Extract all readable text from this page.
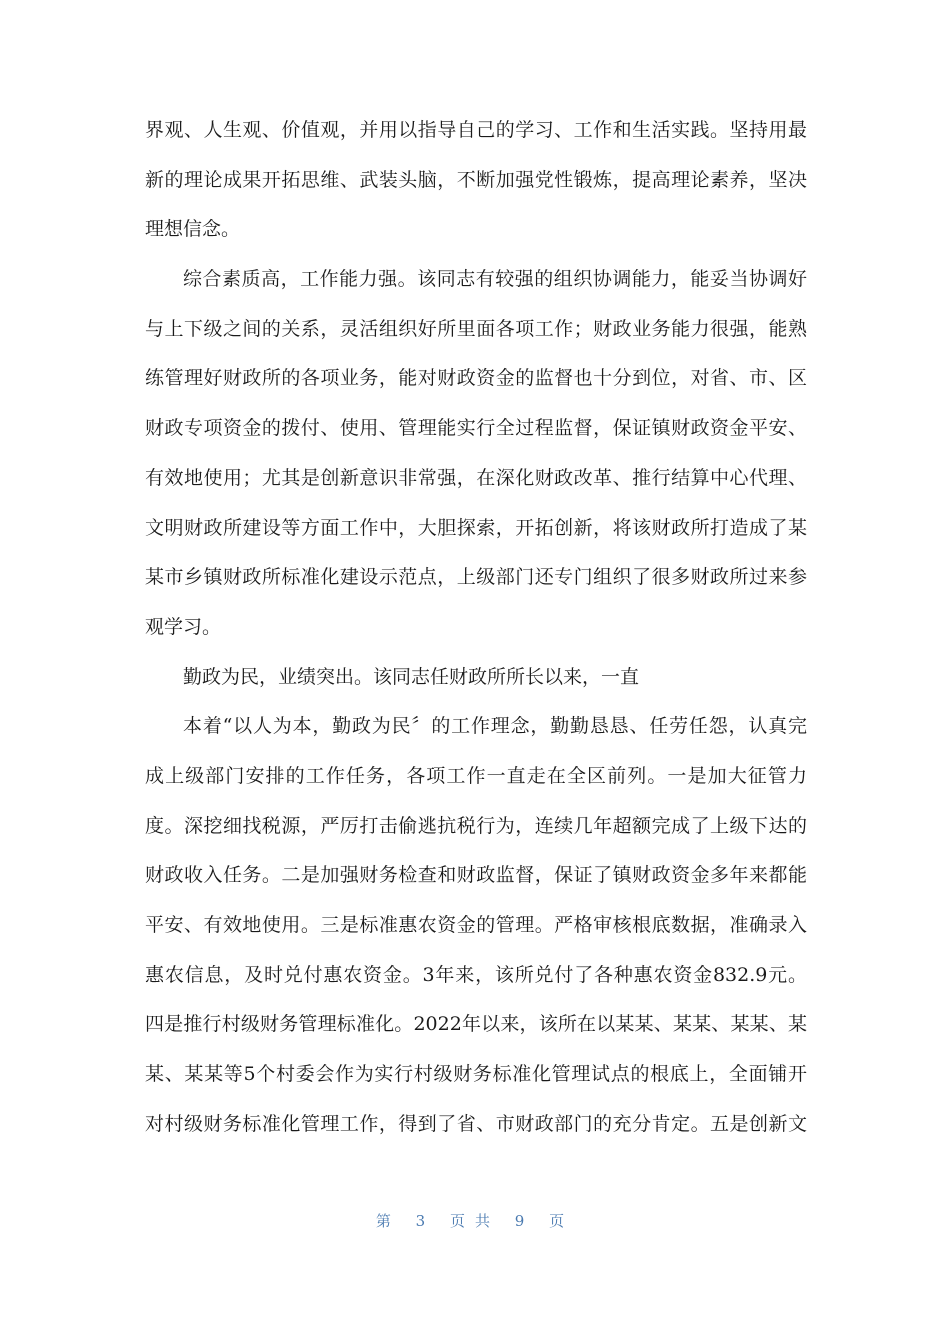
界观、人生观、价值观，并用以指导自己的学习、工作和生活实践。坚持用最
新的理论成果开拓思维、武装头脑，不断加强党性锻炼，提高理论素养，坚决
理想信念。
综合素质高，工作能力强。该同志有较强的组织协调能力，能妥当协调好
与上下级之间的关系，灵活组织好所里面各项工作；财政业务能力很强，能熟
练管理好财政所的各项业务，能对财政资金的监督也十分到位，对省、市、区
财政专项资金的拨付、使用、管理能实行全过程监督，保证镇财政资金平安、
有效地使用；尤其是创新意识非常强，在深化财政改革、推行结算中心代理、
文明财政所建设等方面工作中，大胆探索，开拓创新，将该财政所打造成了某
某市乡镇财政所标准化建设示范点，上级部门还专门组织了很多财政所过来参
观学习。
勤政为民，业绩突出。该同志任财政所所长以来，一直
本着“以人为本，勤政为民〞的工作理念，勤勤恳恳、任劳任怨，认真完
成上级部门安排的工作任务，各项工作一直走在全区前列。一是加大征管力
度。深挖细找税源，严厉打击偷逃抗税行为，连续几年超额完成了上级下达的
财政收入任务。二是加强财务检查和财政监督，保证了镇财政资金多年来都能
平安、有效地使用。三是标准惠农资金的管理。严格审核根底数据，准确录入
惠农信息，及时兑付惠农资金。3年来，该所兑付了各种惠农资金832.9元。
四是推行村级财务管理标准化。2022年以来，该所在以某某、某某、某某、某
某、某某等5个村委会作为实行村级财务标准化管理试点的根底上，全面铺开
对村级财务标准化管理工作，得到了省、市财政部门的充分肯定。五是创新文
第 3 页共 9 页
